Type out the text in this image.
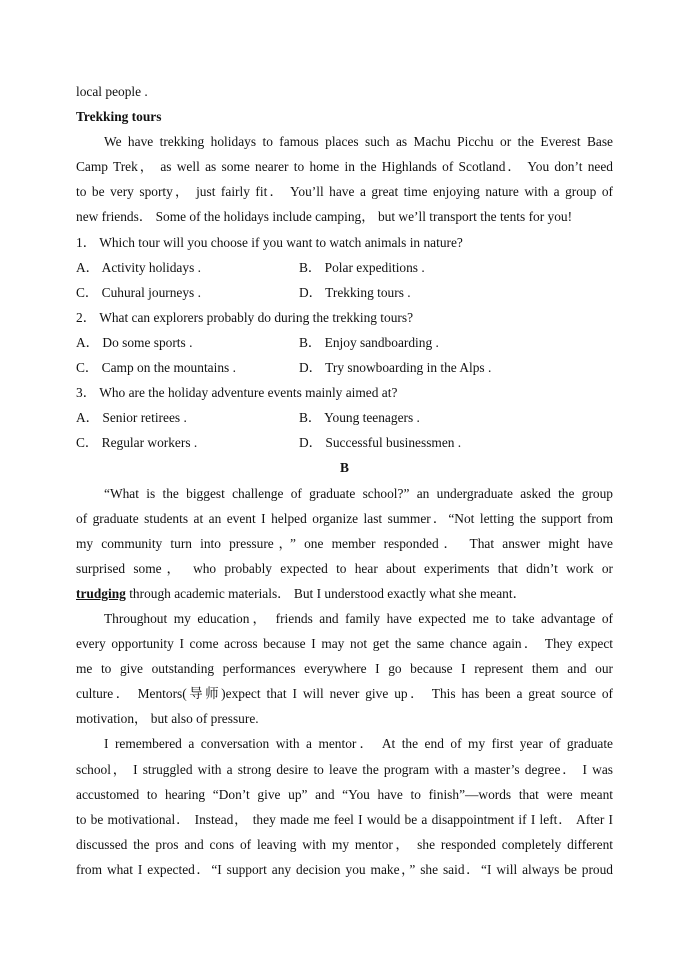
local people .
Trekking tours
We have trekking holidays to famous places such as Machu Picchu or the Everest Base
Camp Trek， as well as some nearer to home in the Highlands of Scotland． You don’t need
to be very sporty， just fairly fit． You’ll have a great time enjoying nature with a group of
new friends． Some of the holidays include camping， but we’ll transport the tents for you!
1． Which tour will you choose if you want to watch animals in nature?
A． Activity holidays .	B． Polar expeditions .
C． Cuhural journeys .	D． Trekking tours .
2． What can explorers probably do during the trekking tours?
A． Do some sports .	B． Enjoy sandboarding .
C． Camp on the mountains .	D． Try snowboarding in the Alps .
3． Who are the holiday adventure events mainly aimed at?
A． Senior retirees .	B． Young teenagers .
C． Regular workers .	D． Successful businessmen .
B
“What is the biggest challenge of graduate school?” an undergraduate asked the group
of graduate students at an event I helped organize last summer．“Not letting the support from
my community turn into pressure，” one member responded． That answer might have
surprised some， who probably expected to hear about experiments that didn’t work or
trudging through academic materials． But I understood exactly what she meant．
Throughout my education， friends and family have expected me to take advantage of
every opportunity I come across because I may not get the same chance again． They expect
me to give outstanding performances everywhere I go because I represent them and our
culture． Mentors(导师)expect that I will never give up． This has been a great source of
motivation， but also of pressure.
I remembered a conversation with a mentor． At the end of my first year of graduate
school， I struggled with a strong desire to leave the program with a master’s degree． I was
accustomed to hearing “Don’t give up” and “You have to finish”—words that were meant
to be motivational． Instead， they made me feel I would be a disappointment if I left． After I
discussed the pros and cons of leaving with my mentor， she responded completely different
from what I expected．“I support any decision you make，” she said．“I will always be proud
